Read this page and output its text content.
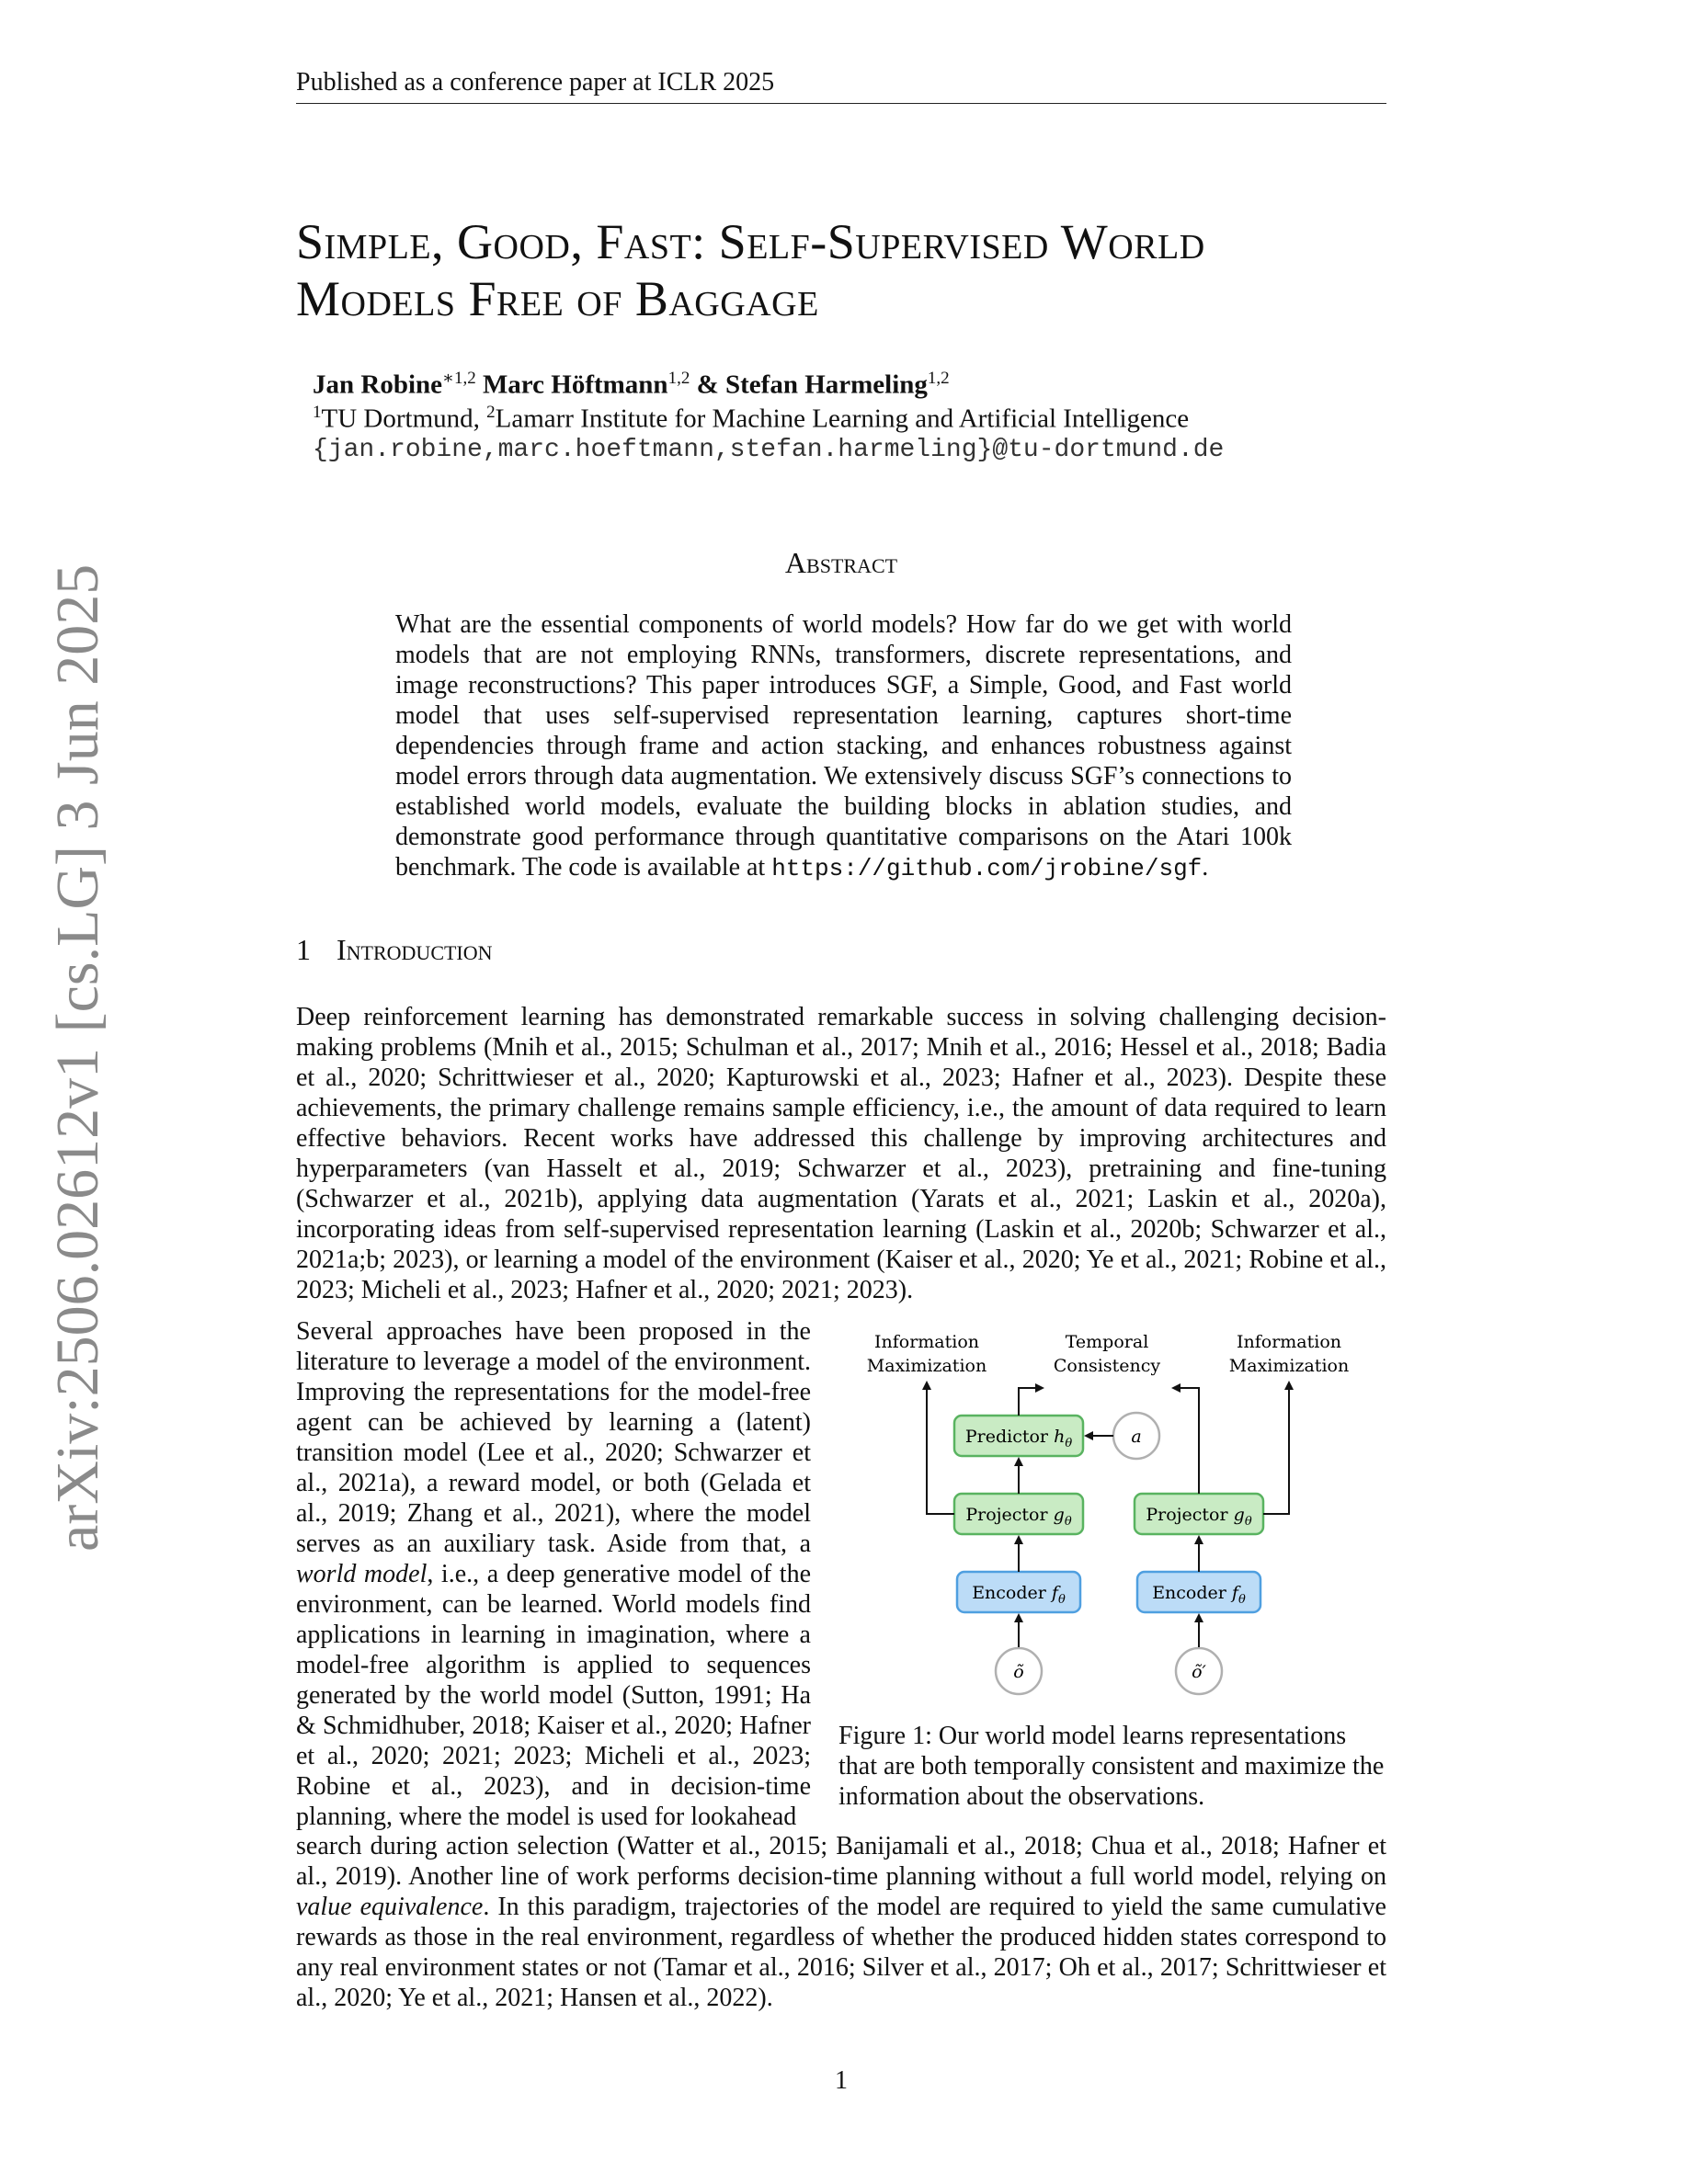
Published as a conference paper at ICLR 2025
arXiv:2506.02612v1 [cs.LG] 3 Jun 2025
Simple, Good, Fast: Self-Supervised World
Models Free of Baggage
Jan Robine$^{∗1,2}$ Marc Höftmann$^{1,2}$ & Stefan Harmeling$^{1,2}$
$^1$TU Dortmund, $^2$Lamarr Institute for Machine Learning and Artificial Intelligence
{jan.robine,marc.hoeftmann,stefan.harmeling}@tu-dortmund.de
Abstract
What are the essential components of world models? How far do we get with world models that are not employing RNNs, transformers, discrete representations, and image reconstructions? This paper introduces SGF, a Simple, Good, and Fast world model that uses self-supervised representation learning, captures short-time dependencies through frame and action stacking, and enhances robustness against model errors through data augmentation. We extensively discuss SGF’s connections to established world models, evaluate the building blocks in ablation studies, and demonstrate good performance through quantitative comparisons on the Atari 100k benchmark. The code is available at https://github.com/jrobine/sgf.
1 Introduction
Deep reinforcement learning has demonstrated remarkable success in solving challenging decision-making problems (Mnih et al., 2015; Schulman et al., 2017; Mnih et al., 2016; Hessel et al., 2018; Badia et al., 2020; Schrittwieser et al., 2020; Kapturowski et al., 2023; Hafner et al., 2023). Despite these achievements, the primary challenge remains sample efficiency, i.e., the amount of data required to learn effective behaviors. Recent works have addressed this challenge by improving architectures and hyperparameters (van Hasselt et al., 2019; Schwarzer et al., 2023), pretraining and fine-tuning (Schwarzer et al., 2021b), applying data augmentation (Yarats et al., 2021; Laskin et al., 2020a), incorporating ideas from self-supervised representation learning (Laskin et al., 2020b; Schwarzer et al., 2021a;b; 2023), or learning a model of the environment (Kaiser et al., 2020; Ye et al., 2021; Robine et al., 2023; Micheli et al., 2023; Hafner et al., 2020; 2021; 2023).
Several approaches have been proposed in the literature to leverage a model of the environment. Improving the representations for the model-free agent can be achieved by learning a (latent) transition model (Lee et al., 2020; Schwarzer et al., 2021a), a reward model, or both (Gelada et al., 2019; Zhang et al., 2021), where the model serves as an auxiliary task. Aside from that, a world model, i.e., a deep generative model of the environment, can be learned. World models find applications in learning in imagination, where a model-free algorithm is applied to sequences generated by the world model (Sutton, 1991; Ha & Schmidhuber, 2018; Kaiser et al., 2020; Hafner et al., 2020; 2021; 2023; Micheli et al., 2023; Robine et al., 2023), and in decision-time planning, where the model is used for lookahead
Information
Maximization
Temporal
Consistency
Information
Maximization
Predictor $h_\theta$	a
Projector $g_\theta$	Projector $g_\theta$
Encoder $f_\theta$	Encoder $f_\theta$
õ	õ′
Figure 1: Our world model learns representations that are both temporally consistent and maximize the information about the observations.
search during action selection (Watter et al., 2015; Banijamali et al., 2018; Chua et al., 2018; Hafner et al., 2019). Another line of work performs decision-time planning without a full world model, relying on value equivalence. In this paradigm, trajectories of the model are required to yield the same cumulative rewards as those in the real environment, regardless of whether the produced hidden states correspond to any real environment states or not (Tamar et al., 2016; Silver et al., 2017; Oh et al., 2017; Schrittwieser et al., 2020; Ye et al., 2021; Hansen et al., 2022).
1
